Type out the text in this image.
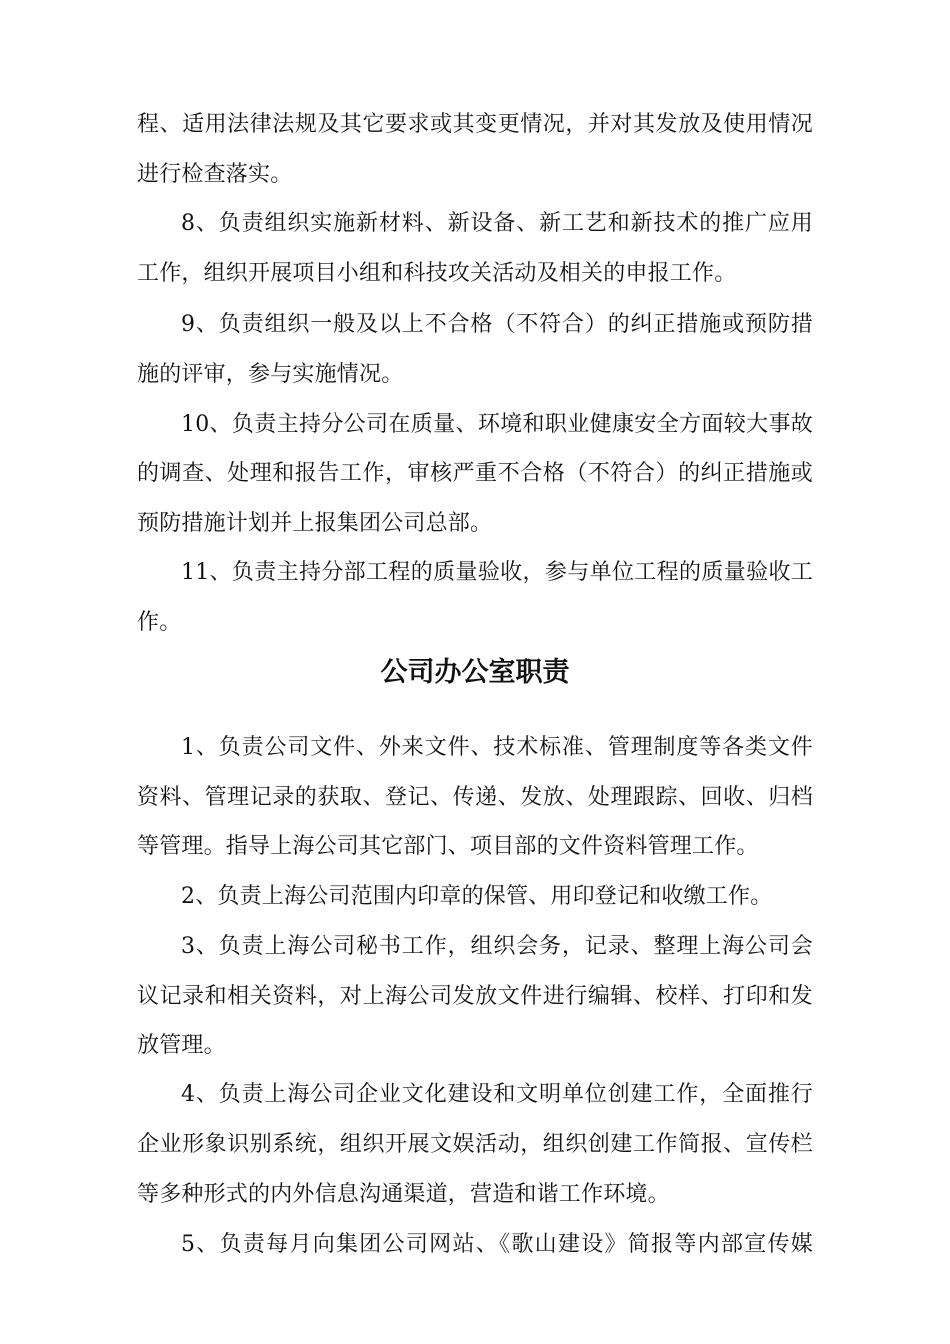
程、适用法律法规及其它要求或其变更情况，并对其发放及使用情况
进行检查落实。
8、负责组织实施新材料、新设备、新工艺和新技术的推广应用
工作，组织开展项目小组和科技攻关活动及相关的申报工作。
9、负责组织一般及以上不合格（不符合）的纠正措施或预防措
施的评审，参与实施情况。
10、负责主持分公司在质量、环境和职业健康安全方面较大事故
的调查、处理和报告工作，审核严重不合格（不符合）的纠正措施或
预防措施计划并上报集团公司总部。
11、负责主持分部工程的质量验收，参与单位工程的质量验收工
作。
公司办公室职责
1、负责公司文件、外来文件、技术标准、管理制度等各类文件
资料、管理记录的获取、登记、传递、发放、处理跟踪、回收、归档
等管理。指导上海公司其它部门、项目部的文件资料管理工作。
2、负责上海公司范围内印章的保管、用印登记和收缴工作。
3、负责上海公司秘书工作，组织会务，记录、整理上海公司会
议记录和相关资料，对上海公司发放文件进行编辑、校样、打印和发
放管理。
4、负责上海公司企业文化建设和文明单位创建工作，全面推行
企业形象识别系统，组织开展文娱活动，组织创建工作简报、宣传栏
等多种形式的内外信息沟通渠道，营造和谐工作环境。
5、负责每月向集团公司网站、《歌山建设》简报等内部宣传媒
